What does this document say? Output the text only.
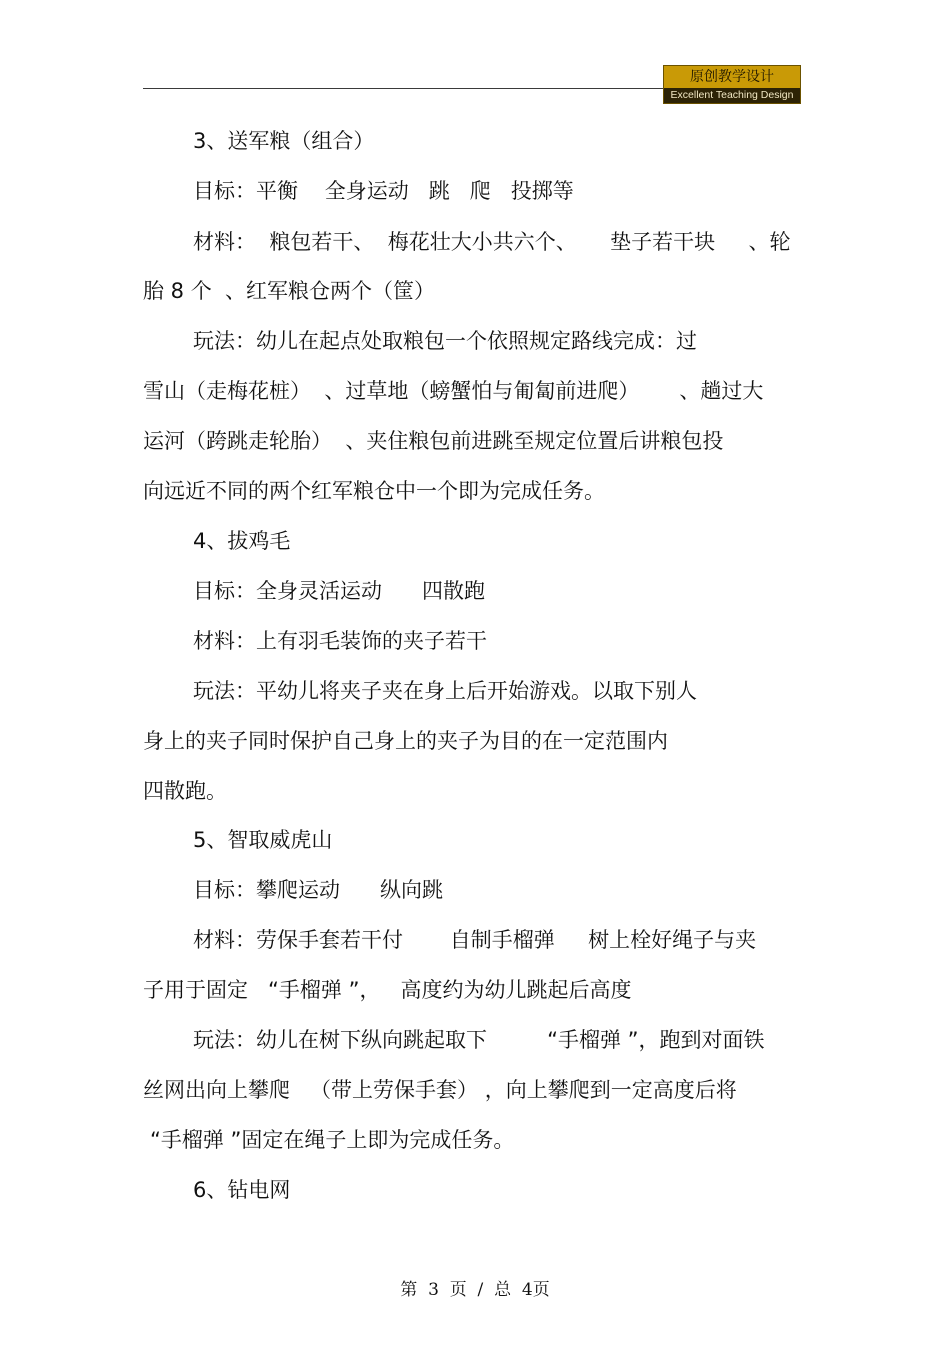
原创教学设计
Excellent Teaching Design
3、送军粮（组合）
目标：平衡    全身运动   跳   爬   投掷等
材料：  粮包若干、  梅花壮大小共六个、     垫子若干块     、轮
胎 8 个  、红军粮仓两个（筐）
玩法：幼儿在起点处取粮包一个依照规定路线完成：过
雪山（走梅花桩）  、过草地（螃蟹怕与匍匐前进爬）      、趟过大
运河（跨跳走轮胎）  、夹住粮包前进跳至规定位置后讲粮包投
向远近不同的两个红军粮仓中一个即为完成任务。
4、拔鸡毛
目标：全身灵活运动      四散跑
材料：上有羽毛装饰的夹子若干
玩法：平幼儿将夹子夹在身上后开始游戏。以取下别人
身上的夹子同时保护自己身上的夹子为目的在一定范围内
四散跑。
5、智取威虎山
目标：攀爬运动      纵向跳
材料：劳保手套若干付       自制手榴弹     树上栓好绳子与夹
子用于固定   “手榴弹 ”，   高度约为幼儿跳起后高度
玩法：幼儿在树下纵向跳起取下         “手榴弹 ”，跑到对面铁
丝网出向上攀爬   （带上劳保手套） ，向上攀爬到一定高度后将
“手榴弹 ”固定在绳子上即为完成任务。
6、钻电网
第  3  页  /  总  4页
